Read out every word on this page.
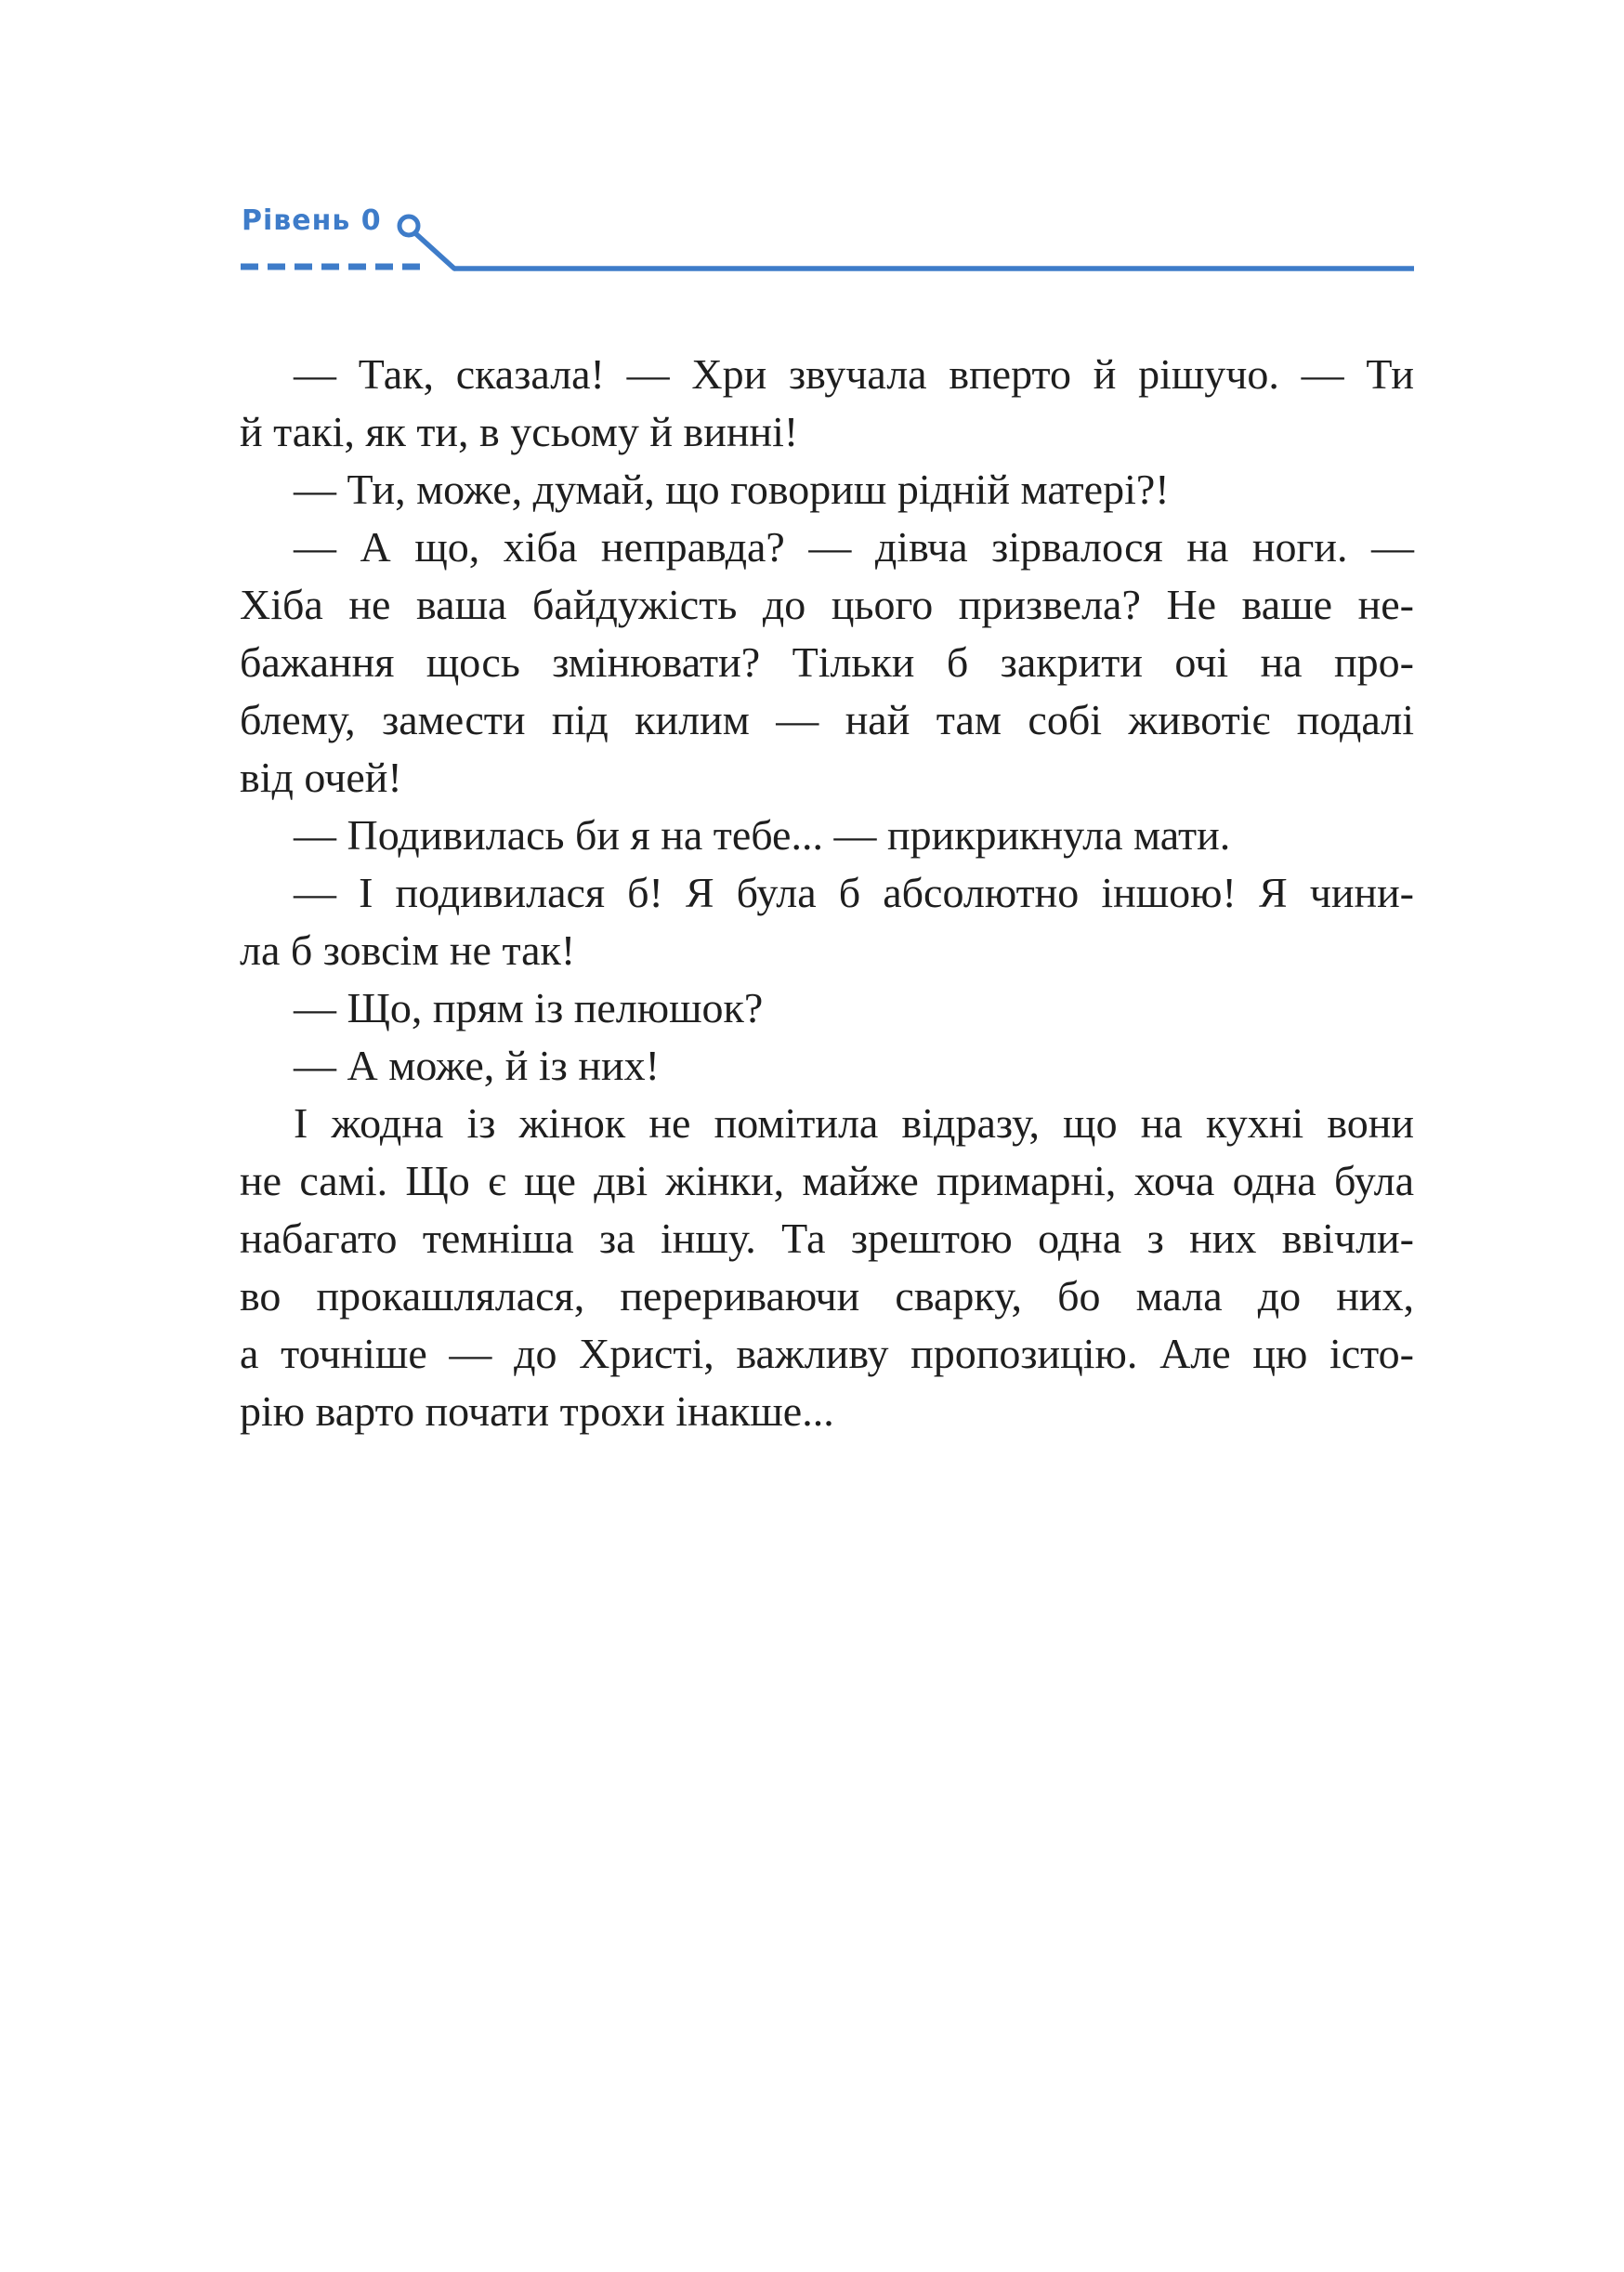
Рівень 0
— Так, сказала! — Хри звучала вперто й рішучо. — Ти
й такі, як ти, в усьому й винні!
— Ти, може, думай, що говориш рідній матері?!
— А що, хіба неправда? — дівча зірвалося на ноги. —
Хіба не ваша байдужість до цього призвела? Не ваше не-
бажання щось змінювати? Тільки б закрити очі на про-
блему, замести під килим — най там собі животіє подалі
від очей!
— Подивилась би я на тебе... — прикрикнула мати.
— І подивилася б! Я була б абсолютно іншою! Я чини-
ла б зовсім не так!
— Що, прям із пелюшок?
— А може, й із них!
І жодна із жінок не помітила відразу, що на кухні вони
не самі. Що є ще дві жінки, майже примарні, хоча одна була
набагато темніша за іншу. Та зрештою одна з них ввічли-
во прокашлялася, перериваючи сварку, бо мала до них,
а точніше — до Христі, важливу пропозицію. Але цю істо-
рію варто почати трохи інакше...
